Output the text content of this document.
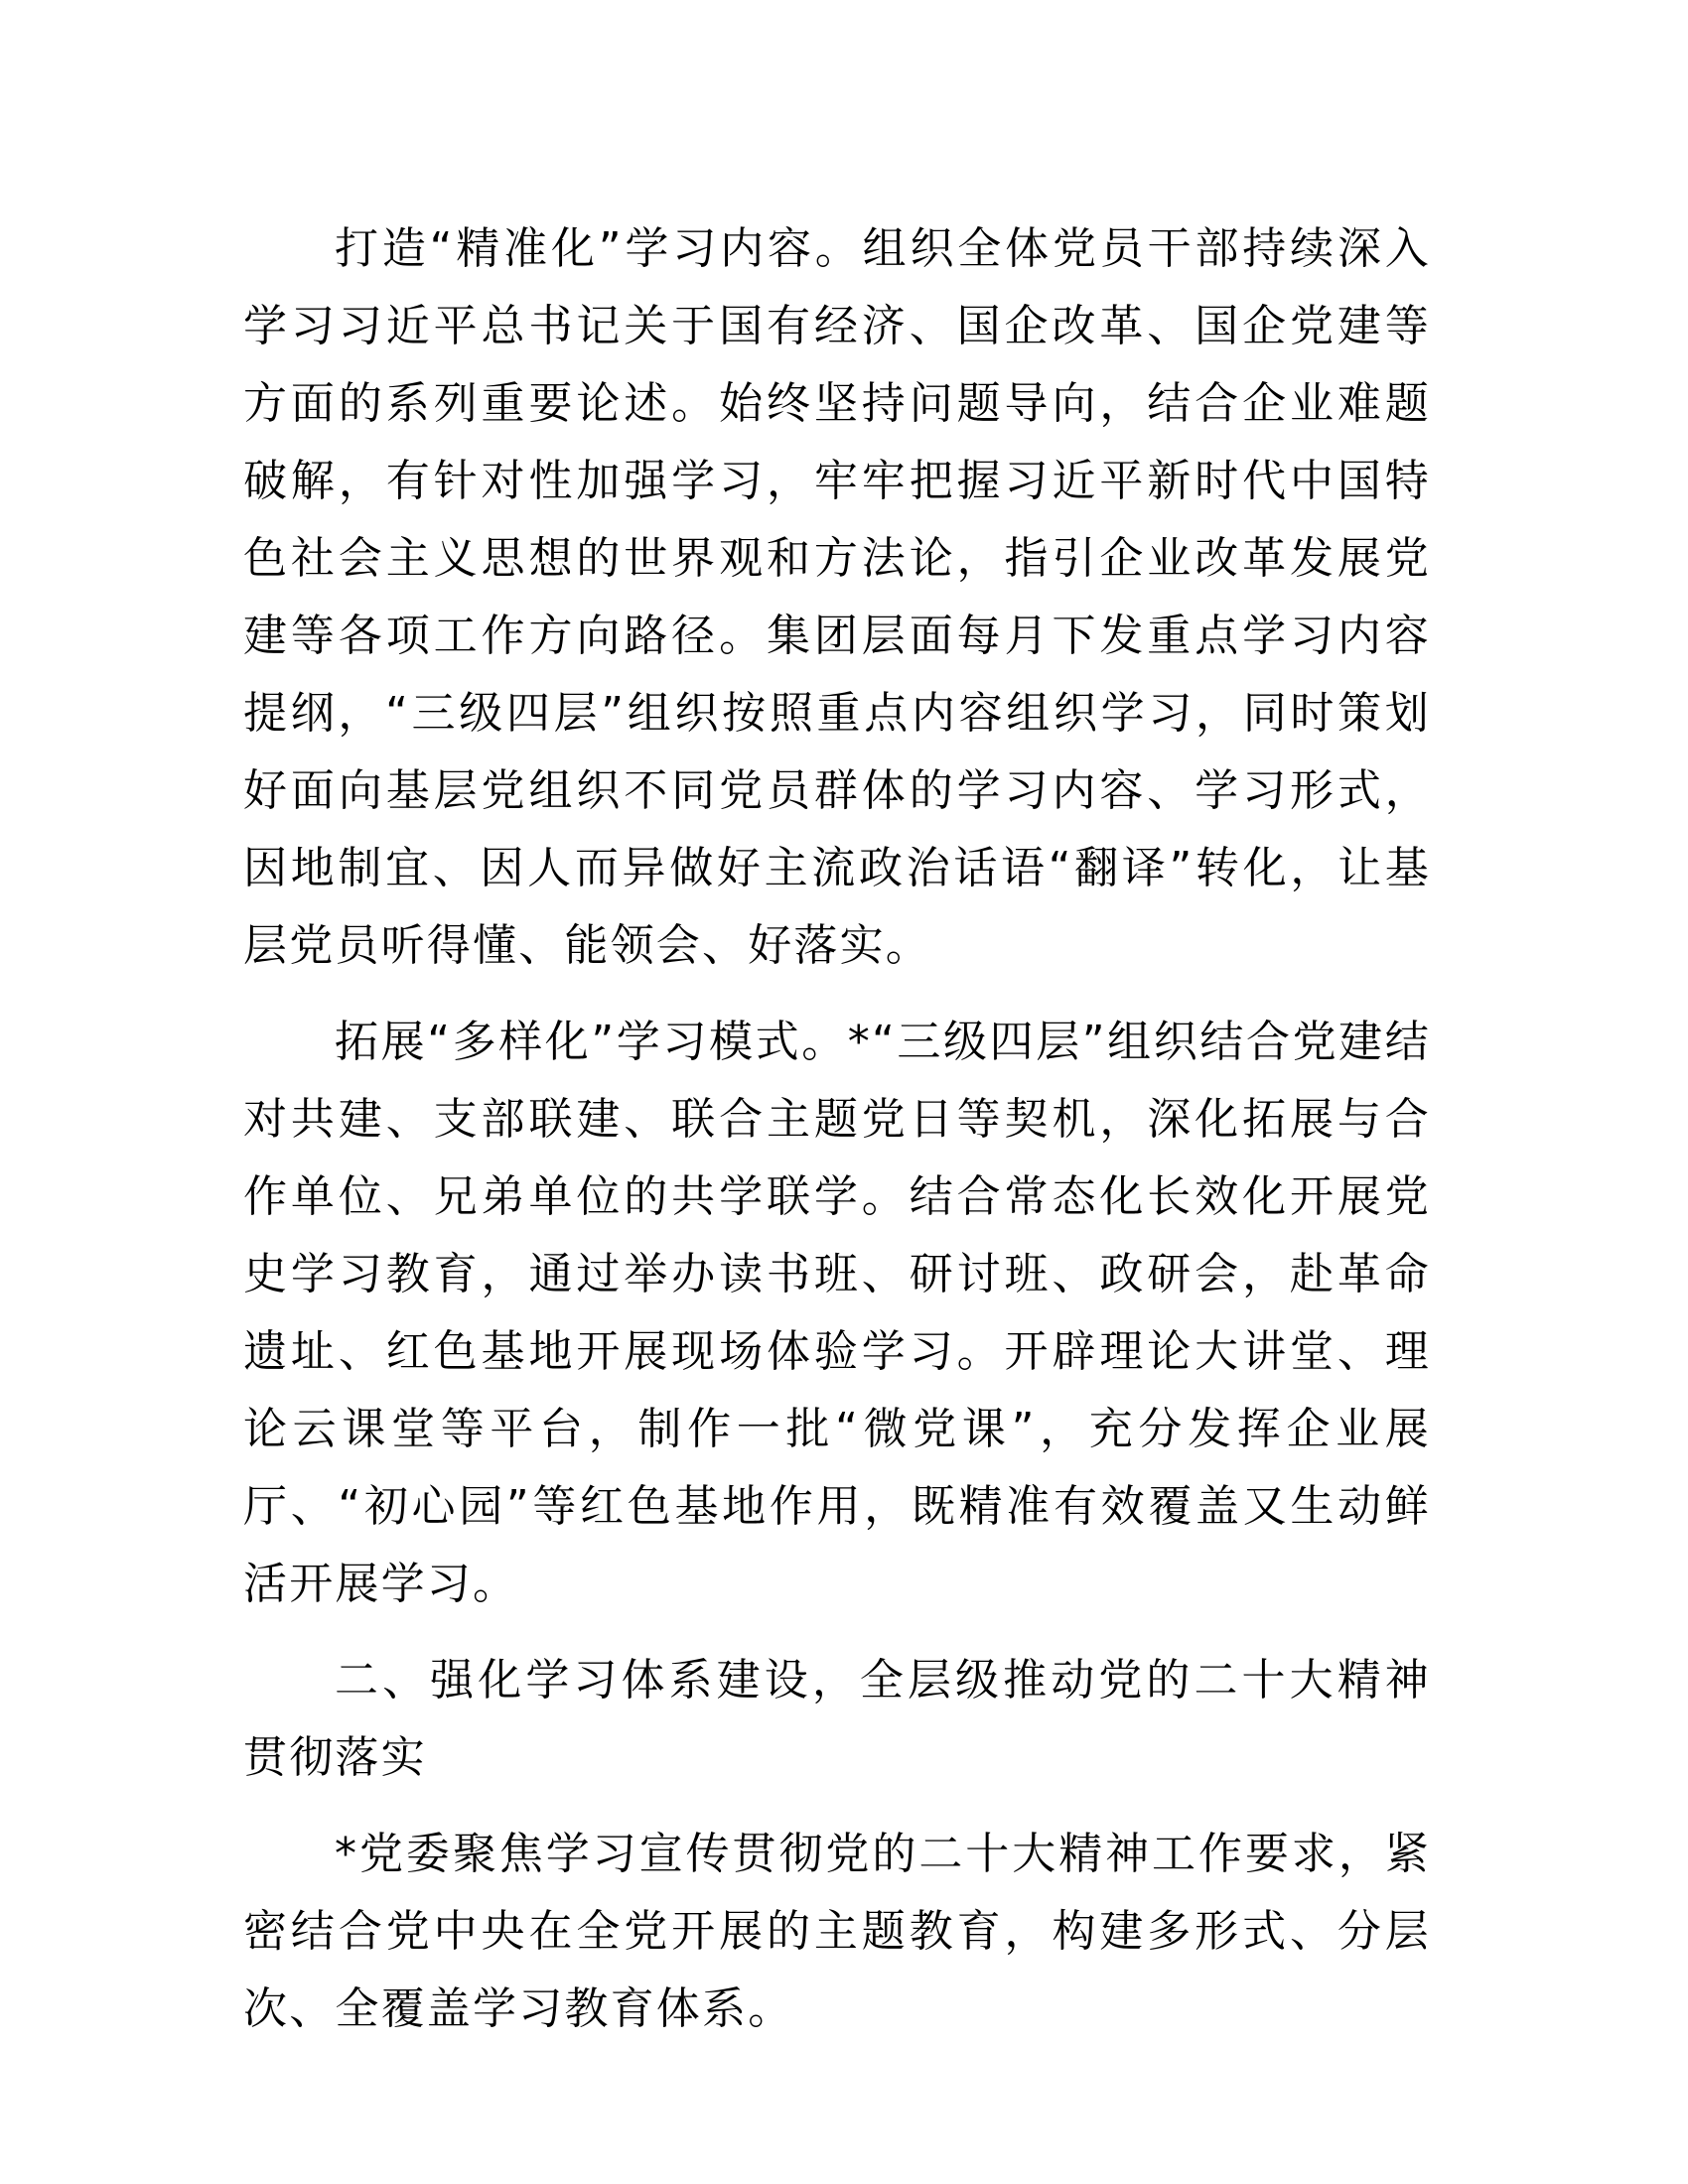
打造“精准化”学习内容。组织全体党员干部持续深入学习习近平总书记关于国有经济、国企改革、国企党建等方面的系列重要论述。始终坚持问题导向，结合企业难题破解，有针对性加强学习，牢牢把握习近平新时代中国特色社会主义思想的世界观和方法论，指引企业改革发展党建等各项工作方向路径。集团层面每月下发重点学习内容提纲，“三级四层”组织按照重点内容组织学习，同时策划好面向基层党组织不同党员群体的学习内容、学习形式，因地制宜、因人而异做好主流政治话语“翻译”转化，让基层党员听得懂、能领会、好落实。

拓展“多样化”学习模式。*“三级四层”组织结合党建结对共建、支部联建、联合主题党日等契机，深化拓展与合作单位、兄弟单位的共学联学。结合常态化长效化开展党史学习教育，通过举办读书班、研讨班、政研会，赴革命遗址、红色基地开展现场体验学习。开辟理论大讲堂、理论云课堂等平台，制作一批“微党课”，充分发挥企业展厅、“初心园”等红色基地作用，既精准有效覆盖又生动鲜活开展学习。

二、强化学习体系建设，全层级推动党的二十大精神贯彻落实

*党委聚焦学习宣传贯彻党的二十大精神工作要求，紧密结合党中央在全党开展的主题教育，构建多形式、分层次、全覆盖学习教育体系。
